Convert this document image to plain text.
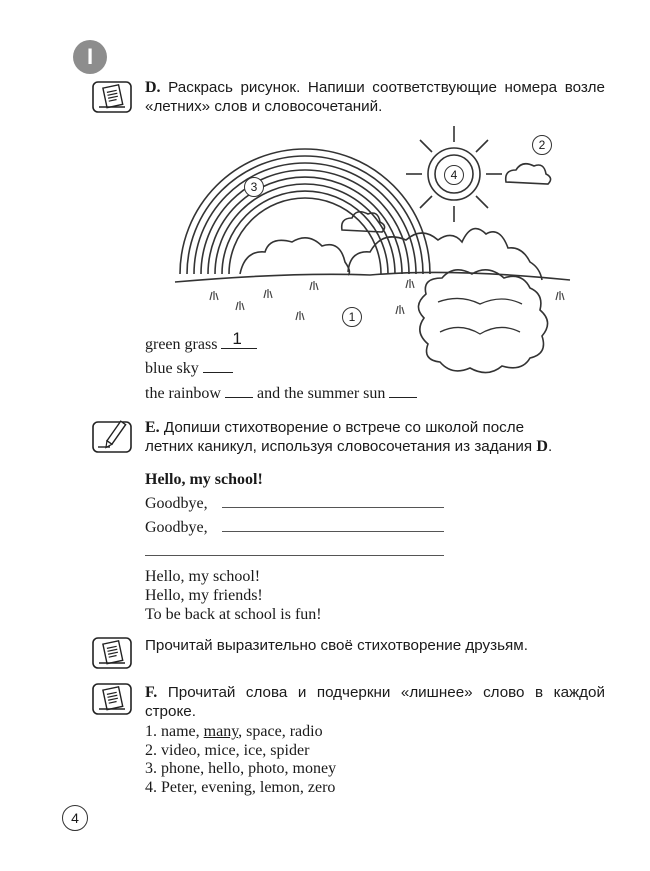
I
D. Раскрась рисунок. Напиши соответствующие номера возле «летних» слов и словосочетаний.
3
2
4
1
green grass 1
blue sky
the rainbow and the summer sun
E. Допиши стихотворение о встрече со школой после
летних каникул, используя словосочетания из задания D.
Hello, my school!
Goodbye,
Goodbye,
Hello, my school!
Hello, my friends!
To be back at school is fun!
Прочитай выразительно своё стихотворение друзьям.
F. Прочитай слова и подчеркни «лишнее» слово в каждой строке.
1. name, many, space, radio
2. video, mice, ice, spider
3. phone, hello, photo, money
4. Peter, evening, lemon, zero
4
